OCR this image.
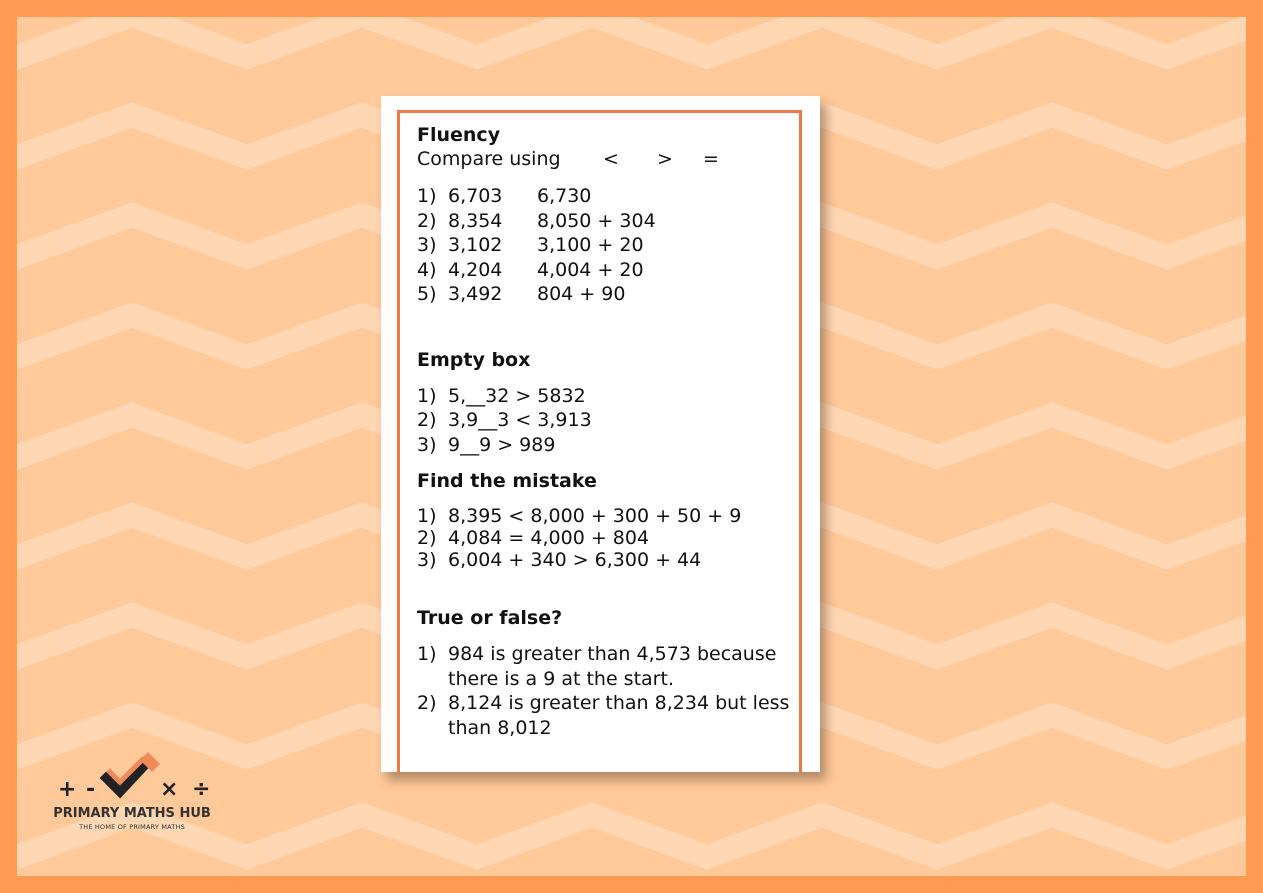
Fluency

Compare using	<	>	=
1) 6,703 6,730
2) 8,354 8,050 + 304
3) 3,102 3,100 + 20
4) 4,204 4,004 + 20
5) 3,492 804 + 90

Empty box

1) 5,__32 > 5832
2) 3,9__3 < 3,913
3) 9__9 > 989

Find the mistake

1) 8,395 < 8,000 + 300 + 50 + 9
2) 4,084 = 4,000 + 804
3) 6,004 + 340 > 6,300 + 44

True or false?

1) 984 is greater than 4,573 because there is a 9 at the start.
2) 8,124 is greater than 8,234 but less than 8,012
+ -	× ÷
PRIMARY MATHS HUB
THE HOME OF PRIMARY MATHS
